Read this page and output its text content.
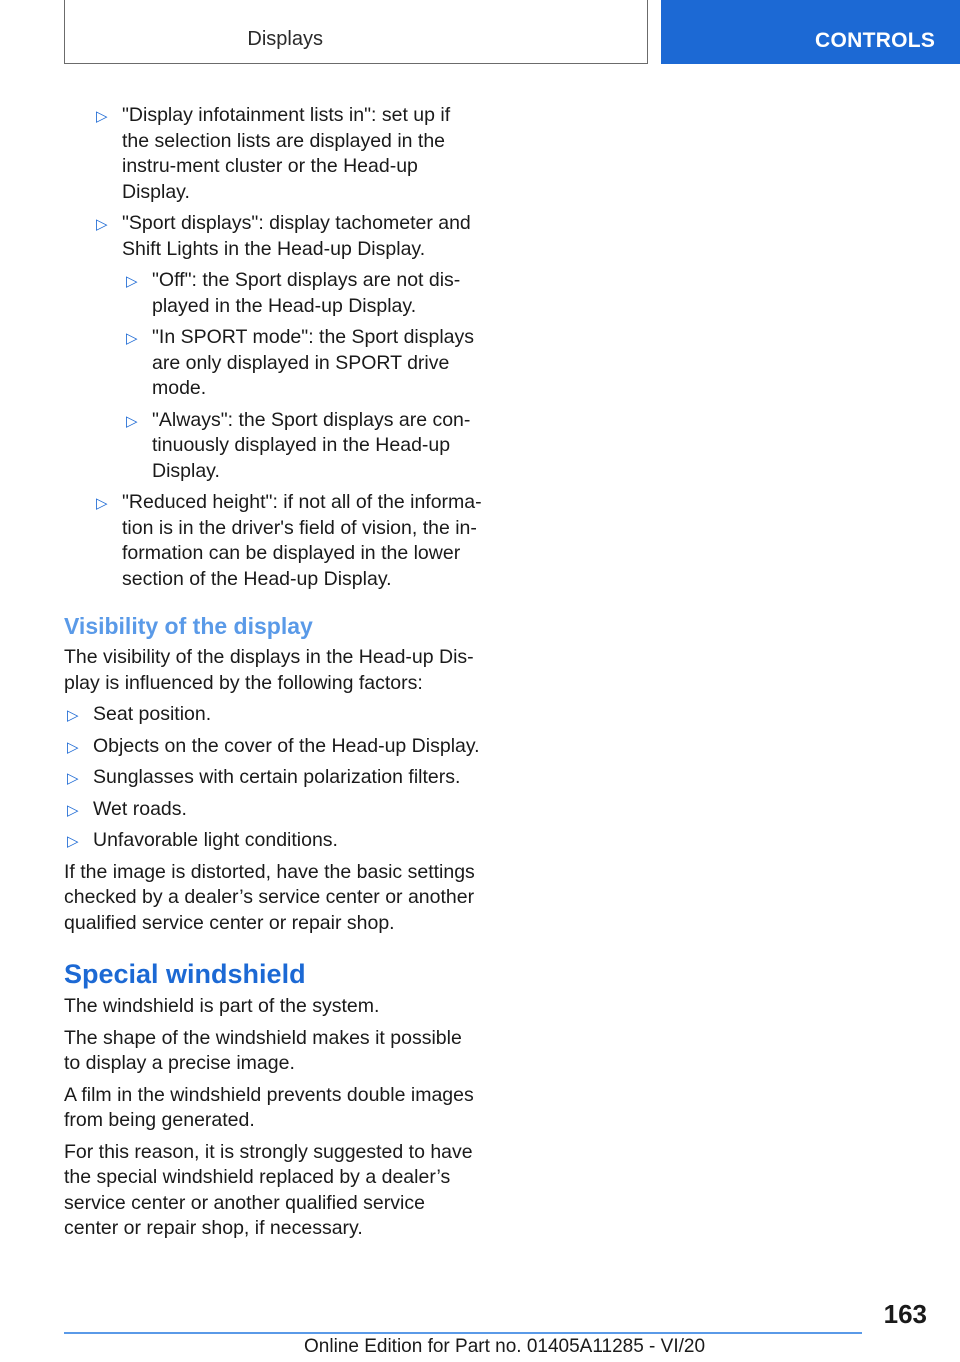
Displays	CONTROLS
▷ "Display infotainment lists in": set up if the selection lists are displayed in the instru-ment cluster or the Head-up Display.
▷ "Sport displays": display tachometer and Shift Lights in the Head-up Display.
▷ "Off": the Sport displays are not dis-played in the Head-up Display.
▷ "In SPORT mode": the Sport displays are only displayed in SPORT drive mode.
▷ "Always": the Sport displays are con-tinuously displayed in the Head-up Display.
▷ "Reduced height": if not all of the informa-tion is in the driver's field of vision, the in-formation can be displayed in the lower section of the Head-up Display.
Visibility of the display
The visibility of the displays in the Head-up Dis-play is influenced by the following factors:
▷ Seat position.
▷ Objects on the cover of the Head-up Display.
▷ Sunglasses with certain polarization filters.
▷ Wet roads.
▷ Unfavorable light conditions.
If the image is distorted, have the basic settings checked by a dealer’s service center or another qualified service center or repair shop.
Special windshield
The windshield is part of the system.
The shape of the windshield makes it possible to display a precise image.
A film in the windshield prevents double images from being generated.
For this reason, it is strongly suggested to have the special windshield replaced by a dealer’s service center or another qualified service center or repair shop, if necessary.
163
Online Edition for Part no. 01405A11285 - VI/20
